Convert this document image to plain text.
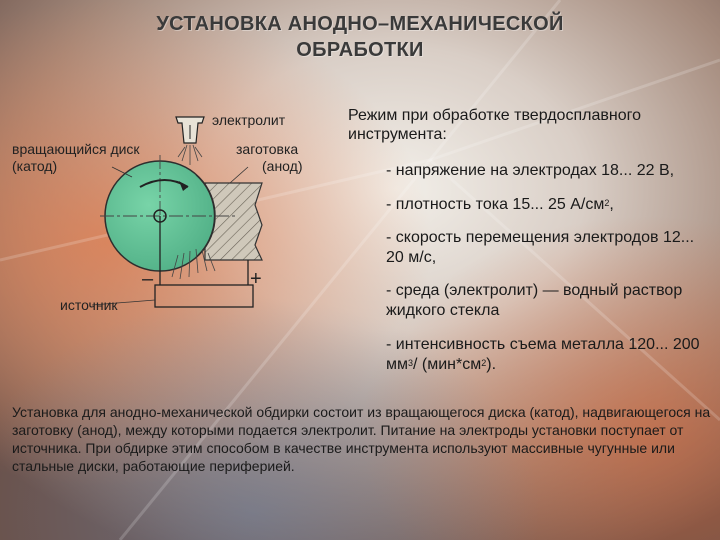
УСТАНОВКА АНОДНО–МЕХАНИЧЕСКОЙ
ОБРАБОТКИ
–	+
электролит
вращающийся диск
(катод)
заготовка
(анод)
источник
Режим при обработке твердосплавного инструмента:
- напряжение на электродах 18... 22 В,
- плотность тока 15... 25 $А/см^2$,
- скорость перемещения электродов 12... 20 м/с,
- среда (электролит) — водный раствор жидкого стекла
- интенсивность съема металла 120... 200 $мм^3/$ $(мин*см^2)$.
Установка для анодно-механической обдирки состоит из вращающегося диска (катод), надвигающегося на заготовку (анод), между которыми подается электролит. Питание на электроды установки поступает от источника. При обдирке этим способом в качестве инструмента используют массивные чугунные или стальные диски, работающие периферией.
